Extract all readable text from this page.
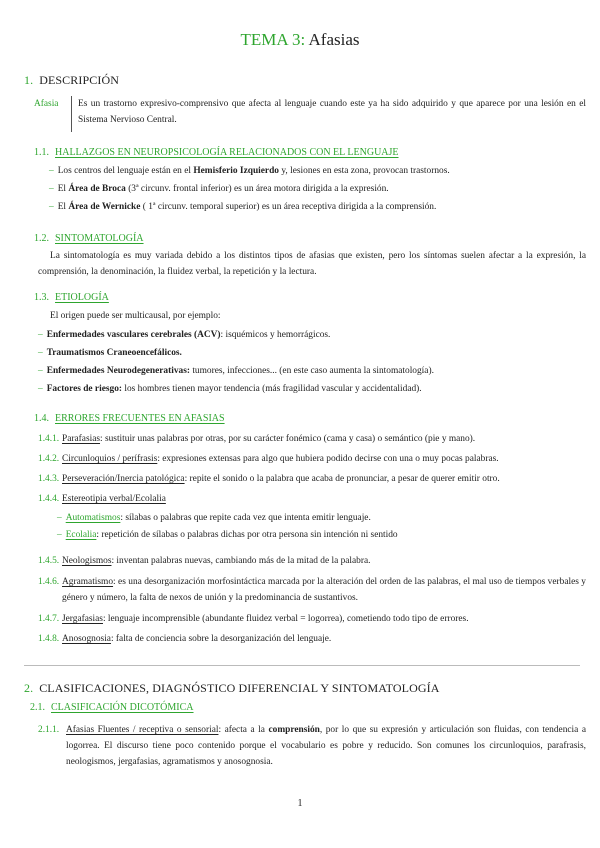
TEMA 3: Afasias
1. DESCRIPCIÓN
Afasia Es un trastorno expresivo-comprensivo que afecta al lenguaje cuando este ya ha sido adquirido y que aparece por una lesión en el Sistema Nervioso Central.
1.1. HALLAZGOS EN NEUROPSICOLOGÍA RELACIONADOS CON EL LENGUAJE
– Los centros del lenguaje están en el Hemisferio Izquierdo y, lesiones en esta zona, provocan trastornos.
– El Área de Broca (3ª circunv. frontal inferior) es un área motora dirigida a la expresión.
– El Área de Wernicke ( 1ª circunv. temporal superior) es un área receptiva dirigida a la comprensión.
1.2. SINTOMATOLOGÍA
La sintomatología es muy variada debido a los distintos tipos de afasias que existen, pero los síntomas suelen afectar a la expresión, la comprensión, la denominación, la fluidez verbal, la repetición y la lectura.
1.3. ETIOLOGÍA
El origen puede ser multicausal, por ejemplo:
– Enfermedades vasculares cerebrales (ACV): isquémicos y hemorrágicos.
– Traumatismos Craneoencefálicos.
– Enfermedades Neurodegenerativas: tumores, infecciones... (en este caso aumenta la sintomatología).
– Factores de riesgo: los hombres tienen mayor tendencia (más fragilidad vascular y accidentalidad).
1.4. ERRORES FRECUENTES EN AFASIAS
1.4.1. Parafasias: sustituir unas palabras por otras, por su carácter fonémico (cama y casa) o semántico (pie y mano).
1.4.2. Circunloquios / perífrasis: expresiones extensas para algo que hubiera podido decirse con una o muy pocas palabras.
1.4.3. Perseveración/Inercia patológica: repite el sonido o la palabra que acaba de pronunciar, a pesar de querer emitir otro.
1.4.4. Estereotipia verbal/Ecolalia
– Automatismos: sílabas o palabras que repite cada vez que intenta emitir lenguaje.
– Ecolalia: repetición de sílabas o palabras dichas por otra persona sin intención ni sentido
1.4.5. Neologismos: inventan palabras nuevas, cambiando más de la mitad de la palabra.
1.4.6. Agramatismo: es una desorganización morfosintáctica marcada por la alteración del orden de las palabras, el mal uso de tiempos verbales y género y número, la falta de nexos de unión y la predominancia de sustantivos.
1.4.7. Jergafasias: lenguaje incomprensible (abundante fluidez verbal = logorrea), cometiendo todo tipo de errores.
1.4.8. Anosognosia: falta de conciencia sobre la desorganización del lenguaje.
2. CLASIFICACIONES, DIAGNÓSTICO DIFERENCIAL Y SINTOMATOLOGÍA
2.1. CLASIFICACIÓN DICOTÓMICA
2.1.1. Afasias Fluentes / receptiva o sensorial: afecta a la comprensión, por lo que su expresión y articulación son fluidas, con tendencia a logorrea. El discurso tiene poco contenido porque el vocabulario es pobre y reducido. Son comunes los circunloquios, parafrasis, neologismos, jergafasias, agramatismos y anosognosia.
1
